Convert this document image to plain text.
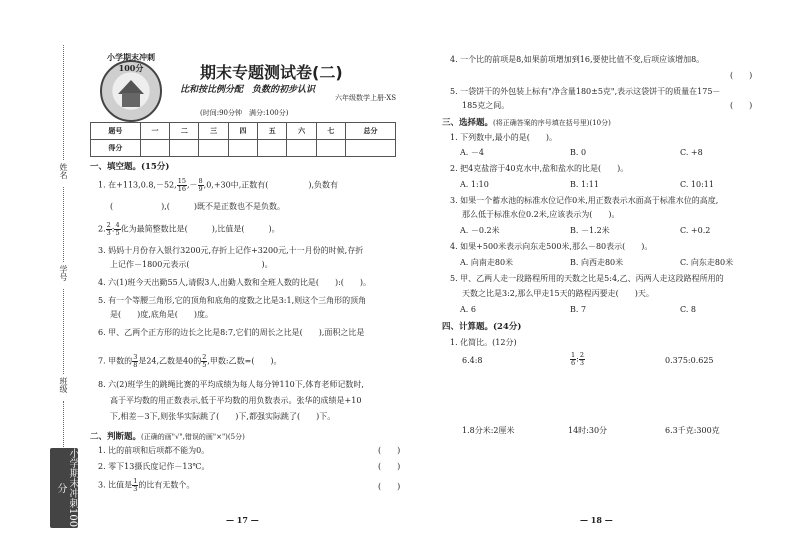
姓名
学号
班级
小学期末冲刺100分
小学期末冲刺100分	期末专题测试卷(二)
比和按比例分配　负数的初步认识
六年级数学上册·XS
(时间:90分钟　满分:100分)
题号	一	二	三	四	五	六	七	总分
得分								
一、填空题。(15分)
1. 在+113,0.8,－52, $\frac{15}{16}$ ,－ $\frac{8}{9} ,0,+30$中,正数有(　　　　　),负数有
(　　　　　　),(　　　)既不是正数也不是负数。
2. $\frac{2}{3}$ : $\frac{4}{5}$ 化为最简整数比是(　　　),比值是(　　　)。
3. 妈妈十月份存入银行3200元,存折上记作+3200元,十一月份的时候,存折
上记作－1800元表示(　　　　　　　　　)。
4. 六(1)班今天出勤55人,请假3人,出勤人数和全班人数的比是(　　):(　　)。
5. 有一个等腰三角形,它的顶角和底角的度数之比是3:1,则这个三角形的顶角
是(　　)度,底角是(　　)度。
6. 甲、乙两个正方形的边长之比是8:7,它们的周长之比是(　　),面积之比是
7. 甲数的 $\frac{3}{8}$ 是24,乙数是40的 $\frac{2}{5}$ ,甲数:乙数=(　　)。
8. 六(2)班学生的跳绳比赛的平均成绩为每人每分钟110下,体育老师记数时,
高于平均数的用正数表示,低于平均数的用负数表示。张华的成绩是+10
下,相差－3下,则张华实际跳了(　　)下,都强实际跳了(　　)下。
二、判断题。(正确的画"√",错误的画"×")(5分)
1. 比的前项和后项都不能为0。	(　　)
2. 零下13摄氏度记作－13℃。	(　　)
3. 比值是 $\frac{1}{3}$ 的比有无数个。	(　　)
4. 一个比的前项是8,如果前项增加到16,要使比值不变,后项应该增加8。
(　　)
5. 一袋饼干的外包装上标有"净含量180±5克",表示这袋饼干的质量在175－
185克之间。	(　　)
三、选择题。(将正确答案的序号填在括号里)(10分)
1. 下列数中,最小的是(　　)。
A. －4	B. 0	C. +8
2. 把4克盐溶于40克水中,盐和盐水的比是(　　)。
A. 1:10	B. 1:11	C. 10:11
3. 如果一个蓄水池的标准水位记作0米,用正数表示水面高于标准水位的高度,
那么低于标准水位0.2米,应该表示为(　　)。
A. －0.2米	B. －1.2米	C. +0.2
4. 如果+500米表示向东走500米,那么－80表示(　　)。
A. 向南走80米	B. 向西走80米	C. 向东走80米
5. 甲、乙两人走一段路程所用的天数之比是5:4,乙、丙两人走这段路程所用的
天数之比是3:2,那么甲走15天的路程丙要走(　　)天。
A. 6	B. 7	C. 8
四、计算题。(24分)
1. 化简比。(12分)
6.4:8	$\frac{1}{6}$ : $\frac{2}{3}$	0.375:0.625
1.8分米:2厘米	14时:30分	6.3千克:300克
— 17 —	— 18 —
